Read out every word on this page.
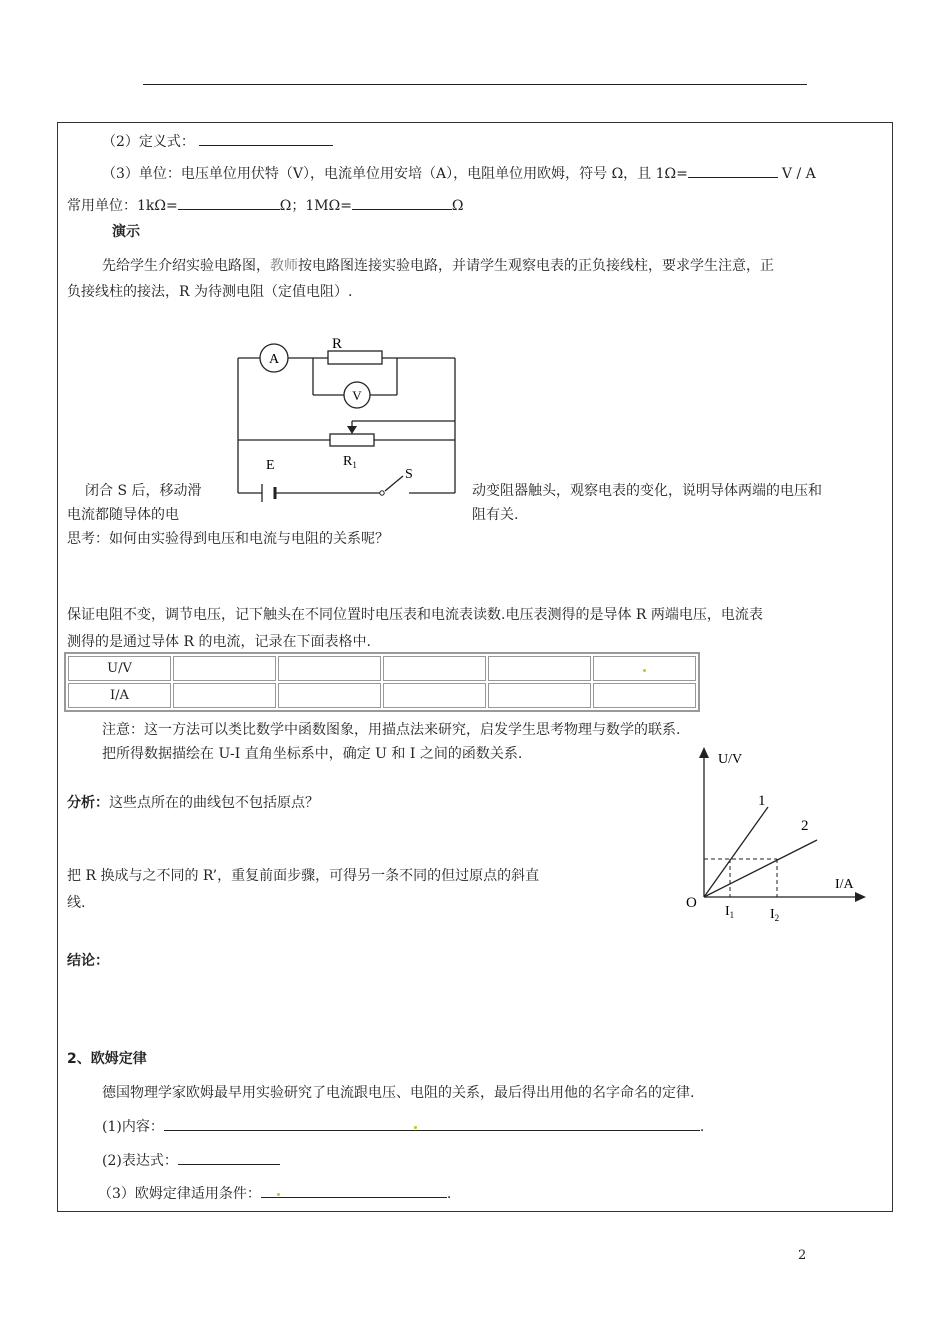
（2）定义式：
（3）单位：电压单位用伏特（V），电流单位用安培（A），电阻单位用欧姆，符号 Ω，且 1Ω=	V / A
常用单位：1kΩ=	Ω；1MΩ=	Ω
演示
先给学生介绍实验电路图，教师按电路图连接实验电路，并请学生观察电表的正负接线柱，要求学生注意，正
负接线柱的接法，R 为待测电阻（定值电阻）.
A
R
V
$R_1$
E
S
闭合 S 后，移动滑	动变阻器触头，观察电表的变化，说明导体两端的电压和
电流都随导体的电	阻有关.
思考：如何由实验得到电压和电流与电阻的关系呢？
保证电阻不变，调节电压，记下触头在不同位置时电压表和电流表读数.电压表测得的是导体 R 两端电压，电流表
测得的是通过导体 R 的电流，记录在下面表格中.
U/V					
I/A					
注意：这一方法可以类比数学中函数图象，用描点法来研究，启发学生思考物理与数学的联系.
把所得数据描绘在 U-I 直角坐标系中，确定 U 和 I 之间的函数关系.
分析：这些点所在的曲线包不包括原点？
把 R 换成与之不同的 R’，重复前面步骤，可得另一条不同的但过原点的斜直
线.
结论：
U/V
I/A
O
1
2
$I_1$	$I_2$
2、欧姆定律
德国物理学家欧姆最早用实验研究了电流跟电压、电阻的关系，最后得出用他的名字命名的定律.
(1)内容：	.
(2)表达式：
（3）欧姆定律适用条件：	.
2
